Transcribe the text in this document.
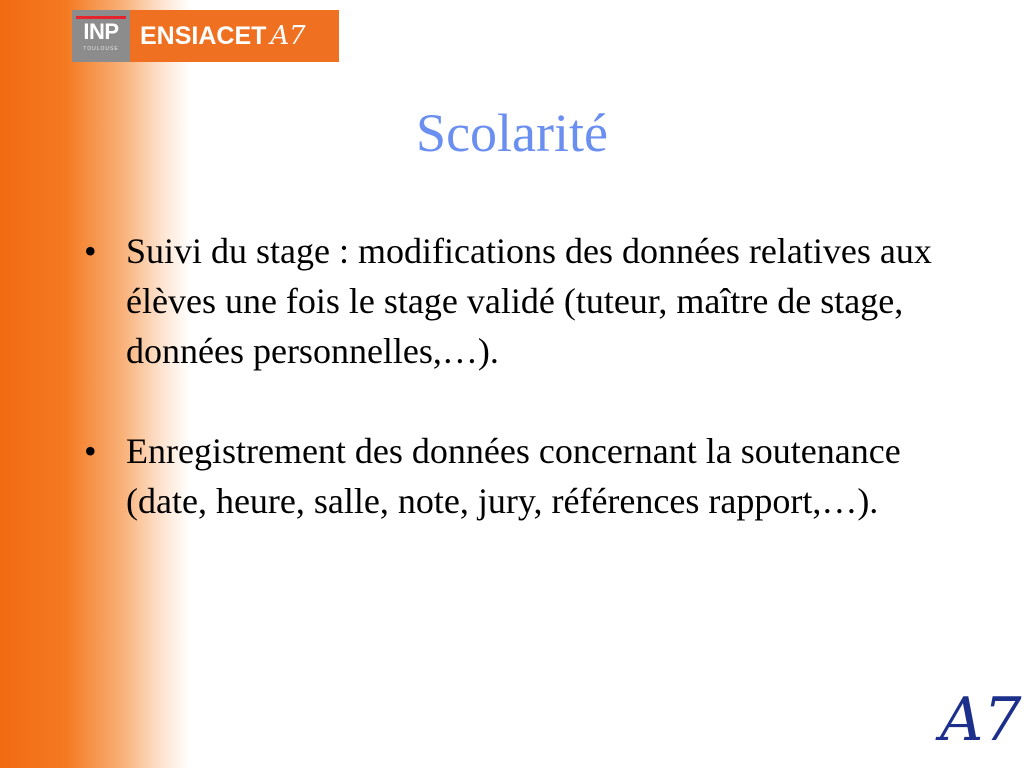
INP
TOULOUSE ENSIACET A7
Scolarité
• Suivi du stage : modifications des données relatives aux élèves une fois le stage validé (tuteur, maître de stage, données personnelles,…).
• Enregistrement des données concernant la soutenance (date, heure, salle, note, jury, références rapport,…).
A7
